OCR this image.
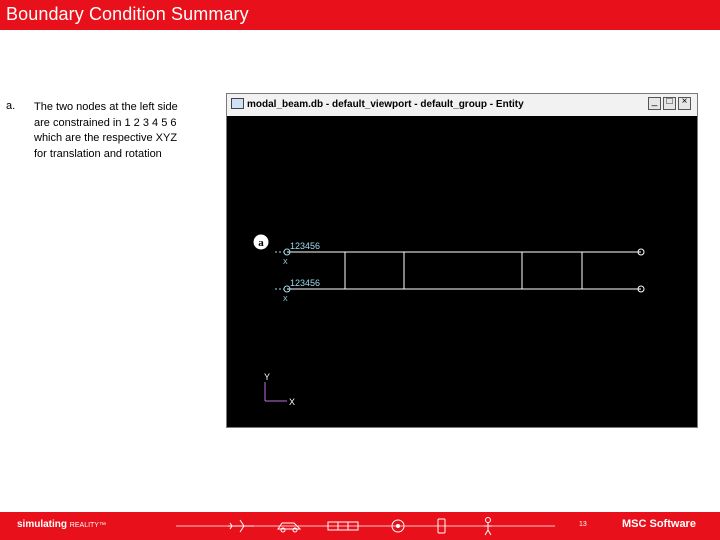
Boundary Condition Summary
a. The two nodes at the left side are constrained in 1 2 3 4 5 6 which are the respective XYZ for translation and rotation
modal_beam.db - default_viewport - default_group - Entity	_ □ ×
a	123456
123456
X
X
Y
X
simulating REALITY™	13	MSC Software
